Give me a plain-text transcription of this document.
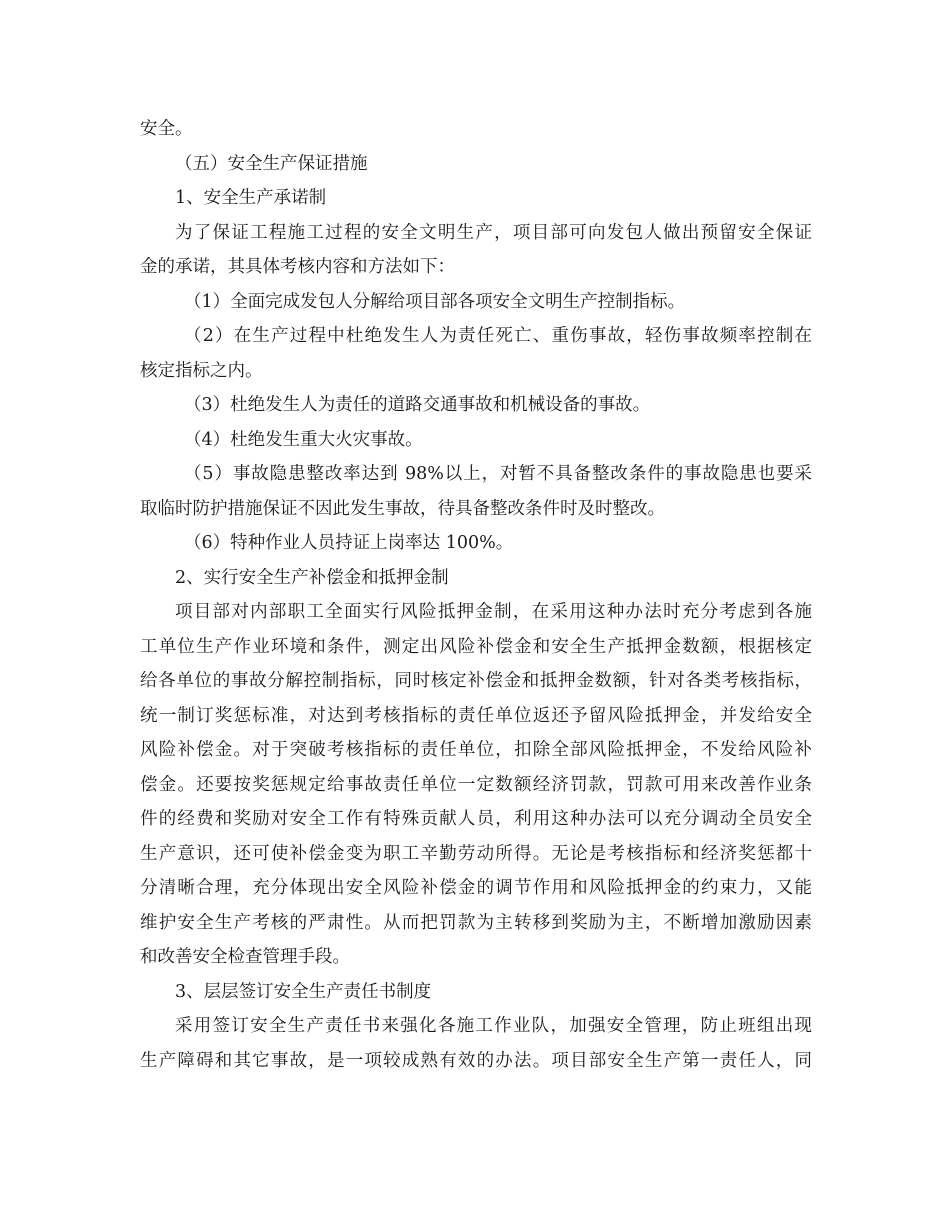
安全。
（五）安全生产保证措施
1、安全生产承诺制
为了保证工程施工过程的安全文明生产，项目部可向发包人做出预留安全保证
金的承诺，其具体考核内容和方法如下：
（1）全面完成发包人分解给项目部各项安全文明生产控制指标。
（2）在生产过程中杜绝发生人为责任死亡、重伤事故，轻伤事故频率控制在
核定指标之内。
（3）杜绝发生人为责任的道路交通事故和机械设备的事故。
（4）杜绝发生重大火灾事故。
（5）事故隐患整改率达到 98%以上，对暂不具备整改条件的事故隐患也要采
取临时防护措施保证不因此发生事故，待具备整改条件时及时整改。
（6）特种作业人员持证上岗率达 100%。
2、实行安全生产补偿金和抵押金制
项目部对内部职工全面实行风险抵押金制，在采用这种办法时充分考虑到各施
工单位生产作业环境和条件，测定出风险补偿金和安全生产抵押金数额，根据核定
给各单位的事故分解控制指标，同时核定补偿金和抵押金数额，针对各类考核指标，
统一制订奖惩标准，对达到考核指标的责任单位返还予留风险抵押金，并发给安全
风险补偿金。对于突破考核指标的责任单位，扣除全部风险抵押金，不发给风险补
偿金。还要按奖惩规定给事故责任单位一定数额经济罚款，罚款可用来改善作业条
件的经费和奖励对安全工作有特殊贡献人员，利用这种办法可以充分调动全员安全
生产意识，还可使补偿金变为职工辛勤劳动所得。无论是考核指标和经济奖惩都十
分清晰合理，充分体现出安全风险补偿金的调节作用和风险抵押金的约束力，又能
维护安全生产考核的严肃性。从而把罚款为主转移到奖励为主，不断增加激励因素
和改善安全检查管理手段。
3、层层签订安全生产责任书制度
采用签订安全生产责任书来强化各施工作业队，加强安全管理，防止班组出现
生产障碍和其它事故，是一项较成熟有效的办法。项目部安全生产第一责任人，同
